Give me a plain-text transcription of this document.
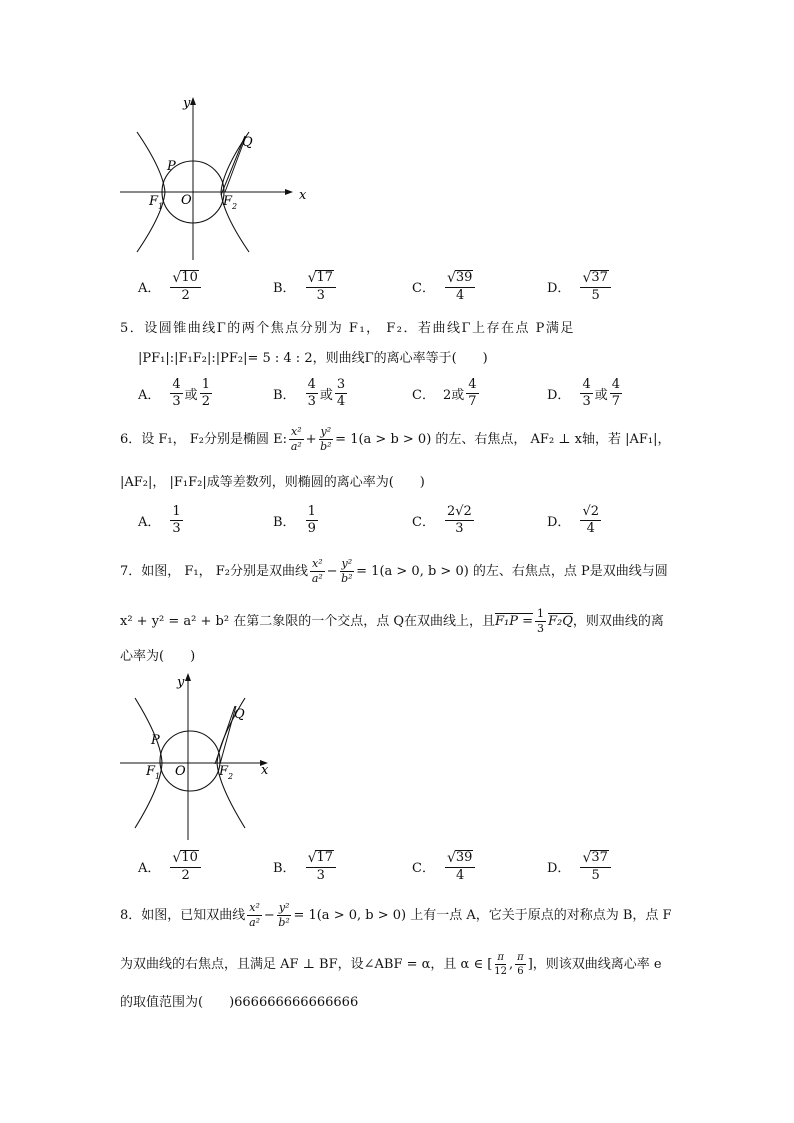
x
y
O
P
Q
F 1	F 2
A． $\frac{√ 10}{2}$	B． $\frac{√ 17}{3}$	C． $\frac{√ 39}{4}$	D． $\frac{√ 37}{5}$
5．设圆锥曲线Γ的两个焦点分别为 F₁， F₂．若曲线Γ上存在点 P满足
|PF₁|:|F₁F₂|:|PF₂|= 5 : 4 : 2，则曲线Γ的离心率等于(　　)
A． $\frac{4}{3}$ 或 $\frac{1}{2}$	B． $\frac{4}{3}$ 或 $\frac{3}{4}$	C． 2或 $\frac{4}{7}$	D． $\frac{4}{3}$ 或 $\frac{4}{7}$
6．设 F₁， F₂分别是椭圆 E: $\frac{\text{x²}}{\text{a²}} + \frac{\text{y²}}{\text{b²}} = 1(a > b > 0)$ 的左、右焦点， AF₂ ⊥ x轴，若 |AF₁|，
|AF₂|， |F₁F₂|成等差数列，则椭圆的离心率为(　　)
A． $\frac{1}{3}$	B． $\frac{1}{9}$	C． $\frac{2√2}{3}$	D． $\frac{√2}{4}$
7．如图， F₁， F₂分别是双曲线 $\frac{\text{x²}}{\text{a²}} - \frac{\text{y²}}{\text{b²}} = 1(a > 0$, b > 0) 的左、右焦点，点 P是双曲线与圆
x² + y² = a² + b² 在第二象限的一个交点，点 Q在双曲线上，且 $F_1P = \frac{1}{3} F_2Q$ ，则双曲线的离
心率为(　　)
x
y
O
P
Q
F 1	F 2
A． $\frac{√ 10}{2}$	B． $\frac{√ 17}{3}$	C． $\frac{√ 39}{4}$	D． $\frac{√ 37}{5}$
8．如图，已知双曲线 $\frac{\text{x²}}{\text{a²}} - \frac{\text{y²}}{\text{b²}} = 1(a > 0$, b > 0) 上有一点 A，它关于原点的对称点为 B，点 F
为双曲线的右焦点，且满足 AF ⊥ BF，设∠ABF = α，且 α ∈ [ $\frac{\pi}{12}$ , $\frac{\pi}{6}$ ]，则该双曲线离心率 e
的取值范围为(　　)666666666666666
